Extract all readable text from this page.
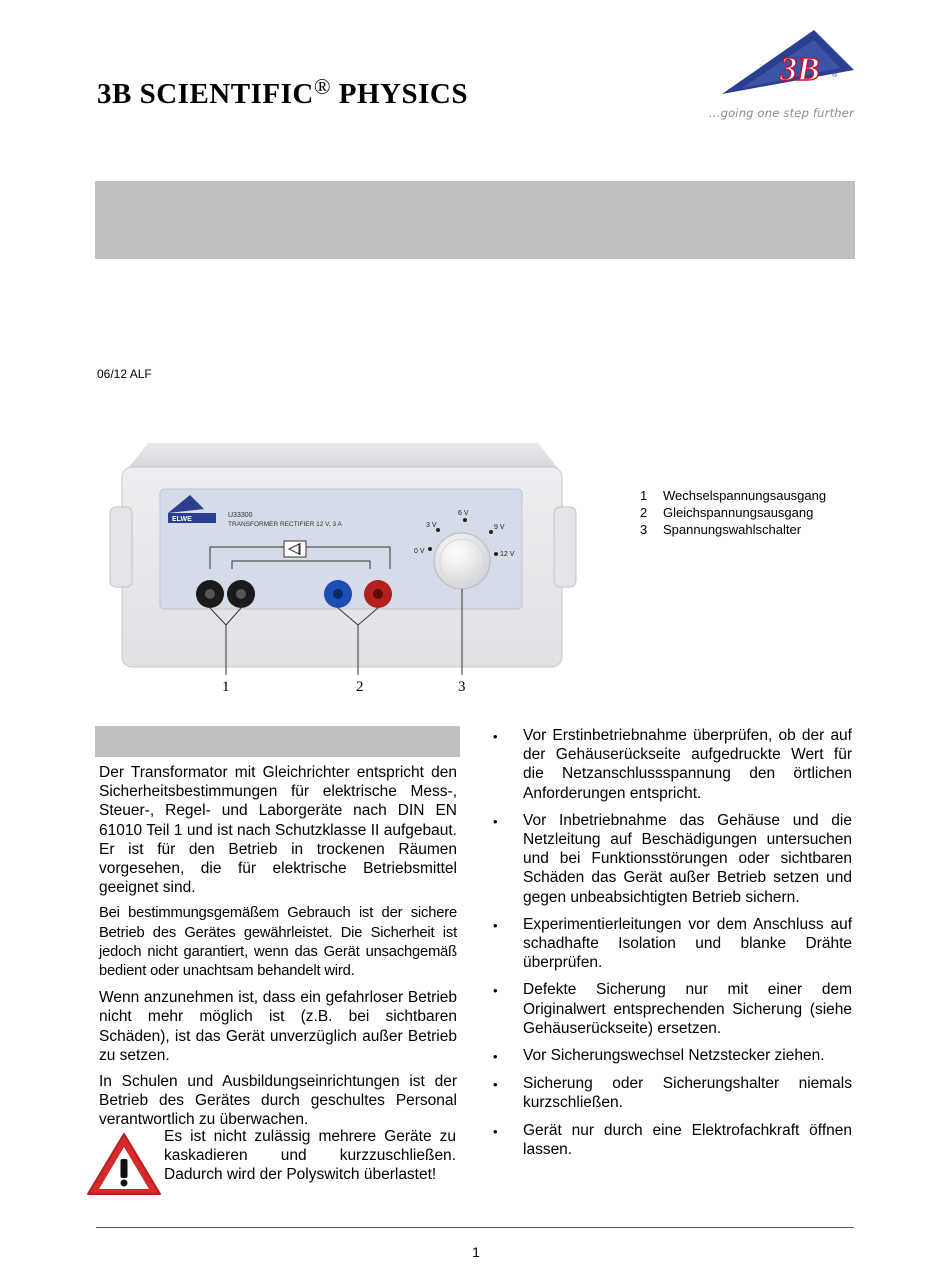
3B SCIENTIFIC® PHYSICS
3B ®
...going one step further
06/12 ALF
ELWE
U33300
TRANSFORMER RECTIFIER 12 V, 3 A
0 V
3 V
6 V
9 V
12 V
1	2	3
1	Wechselspannungsausgang
2	Gleichspannungsausgang
3	Spannungswahlschalter

Der Transformator mit Gleichrichter entspricht den Sicherheitsbestimmungen für elektrische Mess-, Steuer-, Regel- und Laborgeräte nach DIN EN 61010 Teil 1 und ist nach Schutzklasse II aufgebaut. Er ist für den Betrieb in trockenen Räumen vorgesehen, die für elektrische Betriebsmittel geeignet sind.

Bei bestimmungsgemäßem Gebrauch ist der sichere Betrieb des Gerätes gewährleistet. Die Sicherheit ist jedoch nicht garantiert, wenn das Gerät unsachgemäß bedient oder unachtsam behandelt wird.

Wenn anzunehmen ist, dass ein gefahrloser Betrieb nicht mehr möglich ist (z.B. bei sichtbaren Schäden), ist das Gerät unverzüglich außer Betrieb zu setzen.

In Schulen und Ausbildungseinrichtungen ist der Betrieb des Gerätes durch geschultes Personal verantwortlich zu überwachen.

Es ist nicht zulässig mehrere Geräte zu kaskadieren und kurzzuschließen. Dadurch wird der Polyswitch überlastet!
•	Vor Erstinbetriebnahme überprüfen, ob der auf der Gehäuserückseite aufgedruckte Wert für die Netzanschlussspannung den örtlichen Anforderungen entspricht.
•	Vor Inbetriebnahme das Gehäuse und die Netzleitung auf Beschädigungen untersuchen und bei Funktionsstörungen oder sichtbaren Schäden das Gerät außer Betrieb setzen und gegen unbeabsichtigten Betrieb sichern.
•	Experimentierleitungen vor dem Anschluss auf schadhafte Isolation und blanke Drähte überprüfen.
•	Defekte Sicherung nur mit einer dem Originalwert entsprechenden Sicherung (siehe Gehäuserückseite) ersetzen.
•	Vor Sicherungswechsel Netzstecker ziehen.
•	Sicherung oder Sicherungshalter niemals kurzschließen.
•	Gerät nur durch eine Elektrofachkraft öffnen lassen.
1
